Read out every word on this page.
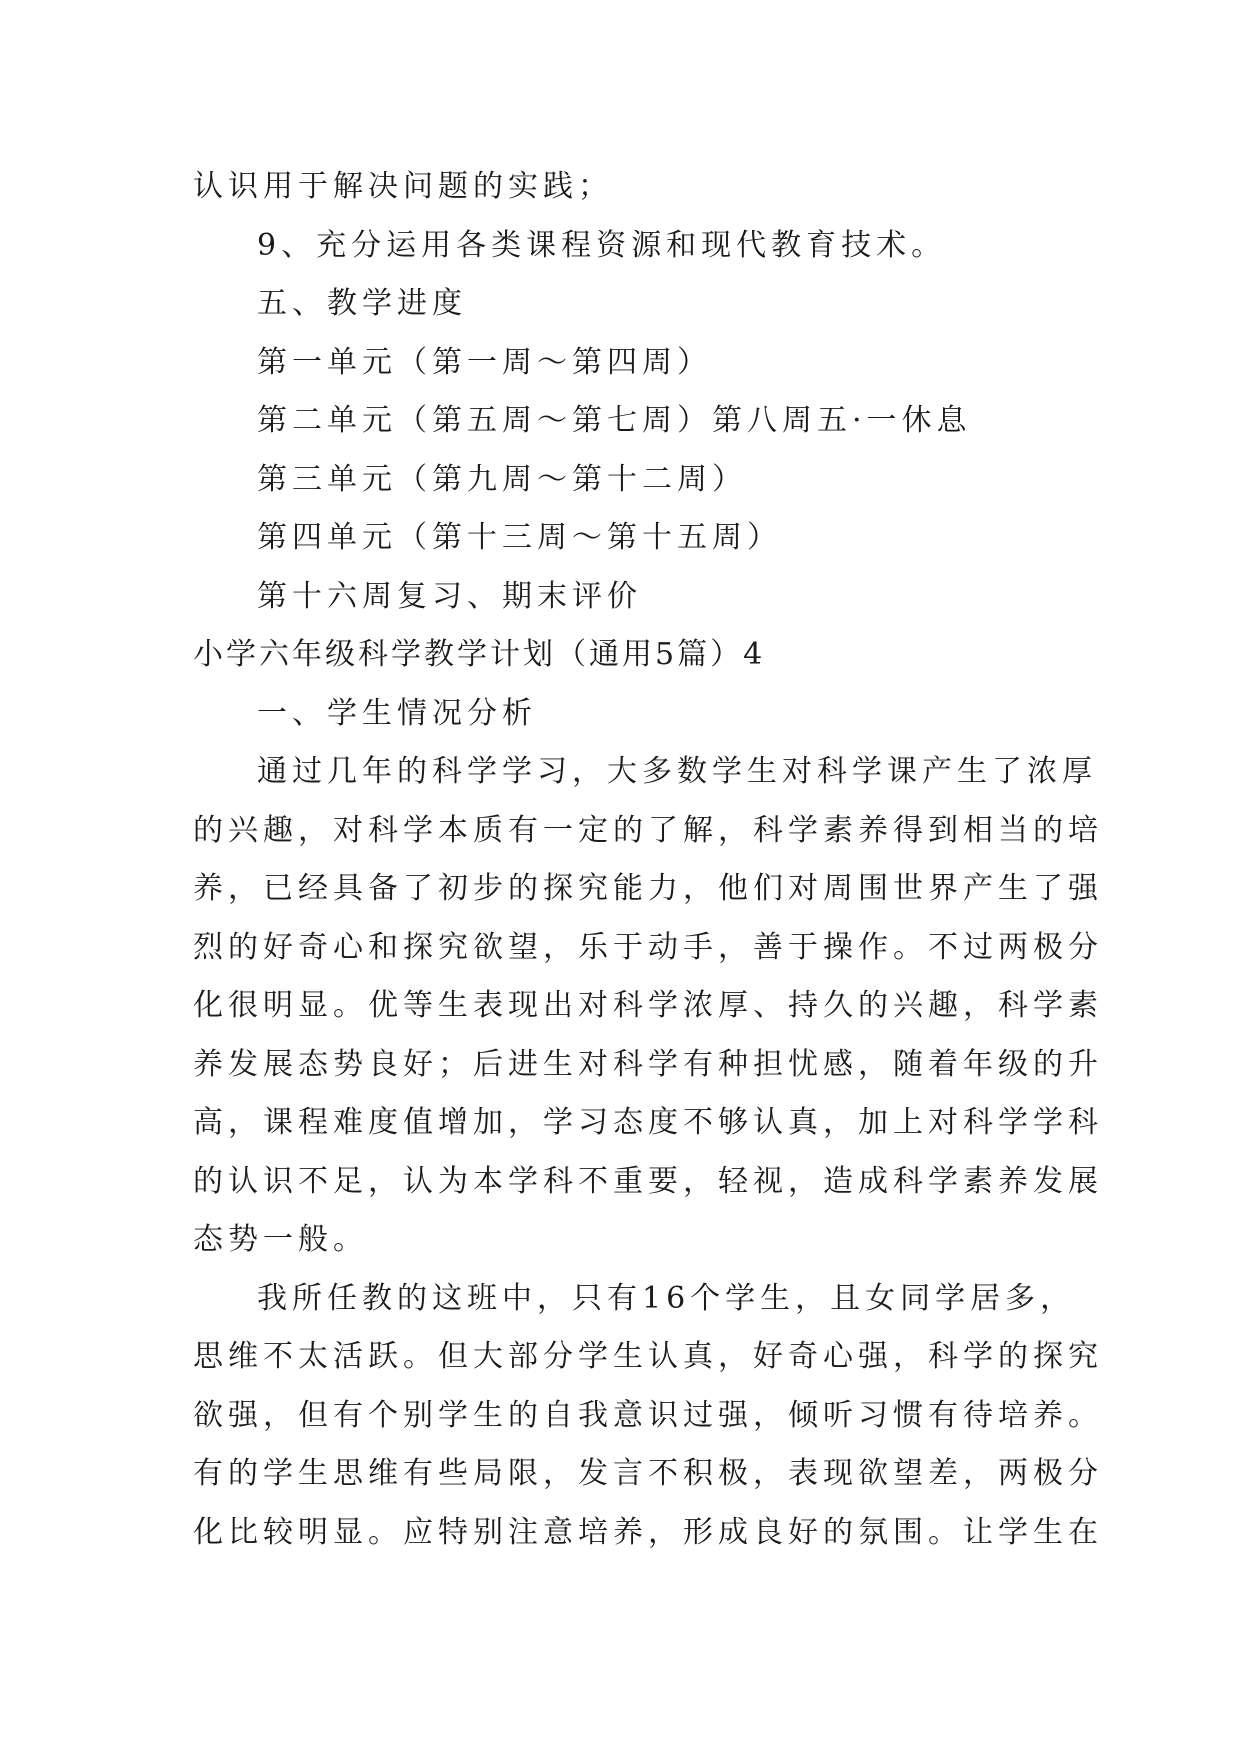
认识用于解决问题的实践；
9、充分运用各类课程资源和现代教育技术。
五、教学进度
第一单元（第一周～第四周）
第二单元（第五周～第七周）第八周五·一休息
第三单元（第九周～第十二周）
第四单元（第十三周～第十五周）
第十六周复习、期末评价
小学六年级科学教学计划（通用5篇）4
一、学生情况分析
通过几年的科学学习，大多数学生对科学课产生了浓厚
的兴趣，对科学本质有一定的了解，科学素养得到相当的培
养，已经具备了初步的探究能力，他们对周围世界产生了强
烈的好奇心和探究欲望，乐于动手，善于操作。不过两极分
化很明显。优等生表现出对科学浓厚、持久的兴趣，科学素
养发展态势良好；后进生对科学有种担忧感，随着年级的升
高，课程难度值增加，学习态度不够认真，加上对科学学科
的认识不足，认为本学科不重要，轻视，造成科学素养发展
态势一般。
我所任教的这班中，只有16个学生，且女同学居多，
思维不太活跃。但大部分学生认真，好奇心强，科学的探究
欲强，但有个别学生的自我意识过强，倾听习惯有待培养。
有的学生思维有些局限，发言不积极，表现欲望差，两极分
化比较明显。应特别注意培养，形成良好的氛围。让学生在
